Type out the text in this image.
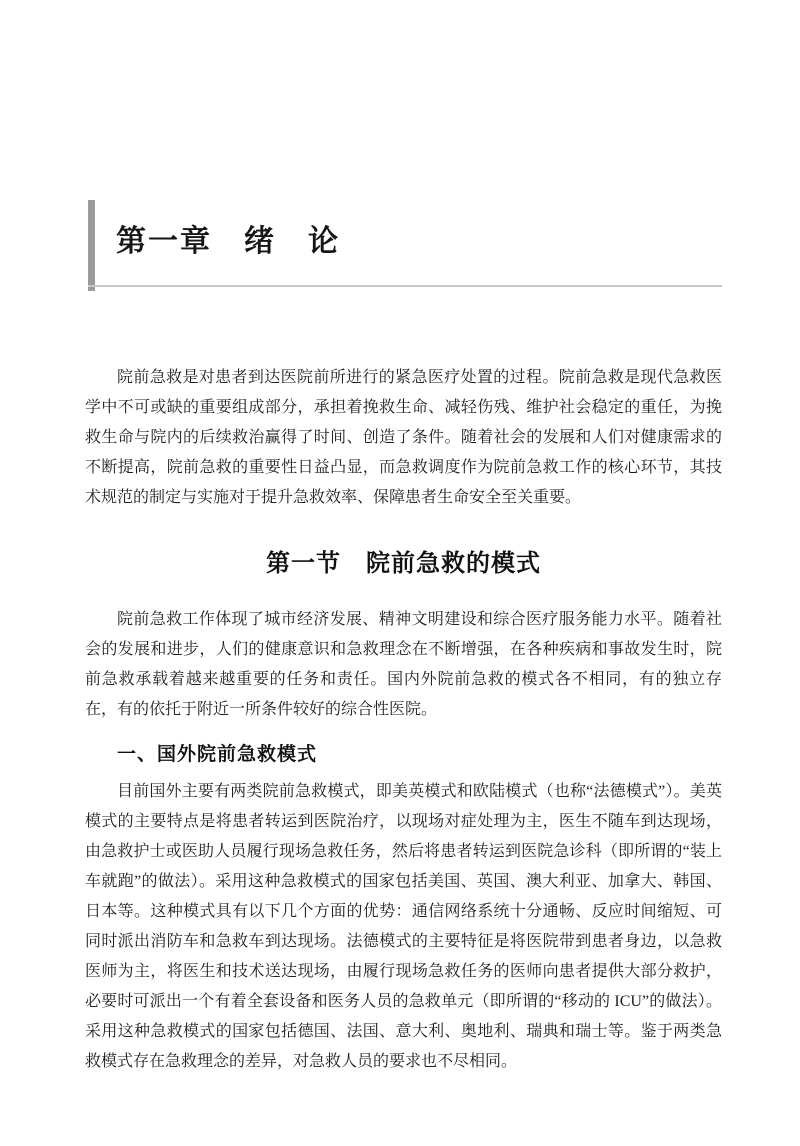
第一章　绪　论

院前急救是对患者到达医院前所进行的紧急医疗处置的过程。院前急救是现代急救医学中不可或缺的重要组成部分，承担着挽救生命、减轻伤残、维护社会稳定的重任，为挽救生命与院内的后续救治赢得了时间、创造了条件。随着社会的发展和人们对健康需求的不断提高，院前急救的重要性日益凸显，而急救调度作为院前急救工作的核心环节，其技术规范的制定与实施对于提升急救效率、保障患者生命安全至关重要。

第一节　院前急救的模式

院前急救工作体现了城市经济发展、精神文明建设和综合医疗服务能力水平。随着社会的发展和进步，人们的健康意识和急救理念在不断增强，在各种疾病和事故发生时，院前急救承载着越来越重要的任务和责任。国内外院前急救的模式各不相同，有的独立存在，有的依托于附近一所条件较好的综合性医院。

一、国外院前急救模式

目前国外主要有两类院前急救模式，即美英模式和欧陆模式（也称“法德模式”）。美英模式的主要特点是将患者转运到医院治疗，以现场对症处理为主，医生不随车到达现场，由急救护士或医助人员履行现场急救任务，然后将患者转运到医院急诊科（即所谓的“装上车就跑”的做法）。采用这种急救模式的国家包括美国、英国、澳大利亚、加拿大、韩国、日本等。这种模式具有以下几个方面的优势：通信网络系统十分通畅、反应时间缩短、可同时派出消防车和急救车到达现场。法德模式的主要特征是将医院带到患者身边，以急救医师为主，将医生和技术送达现场，由履行现场急救任务的医师向患者提供大部分救护，必要时可派出一个有着全套设备和医务人员的急救单元（即所谓的“移动的 ICU”的做法）。采用这种急救模式的国家包括德国、法国、意大利、奥地利、瑞典和瑞士等。鉴于两类急救模式存在急救理念的差异，对急救人员的要求也不尽相同。
